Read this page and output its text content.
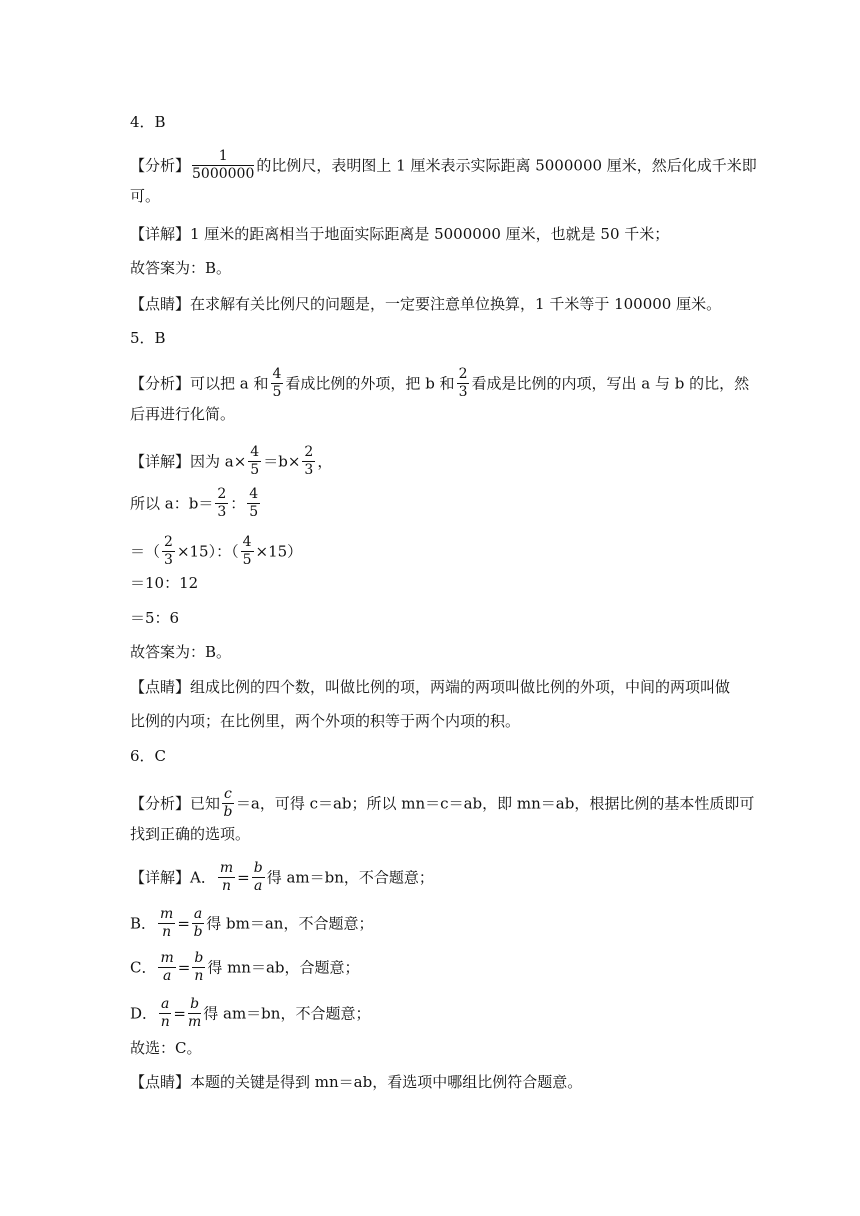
4．B
【分析】 $\frac{1}{5000000}$ 的比例尺，表明图上 1 厘米表示实际距离 5000000 厘米，然后化成千米即
可。
【详解】1 厘米的距离相当于地面实际距离是 5000000 厘米，也就是 50 千米；
故答案为：B。
【点睛】在求解有关比例尺的问题是，一定要注意单位换算，1 千米等于 100000 厘米。
5．B
【分析】可以把 a 和 $\frac{4}{5}$ 看成比例的外项，把 b 和 $\frac{2}{3}$ 看成是比例的内项，写出 a 与 b 的比，然
后再进行化简。
【详解】因为 $a\times \frac{4}{5} =b\times \frac{2}{3}$ ，
所以 a：$b= \frac{2}{3}$ ： $\frac{4}{5}$
＝（ $\frac{2}{3} \times 15$）：（ $\frac{4}{5} \times 15$）
＝10：12
＝5：6
故答案为：B。
【点睛】组成比例的四个数，叫做比例的项，两端的两项叫做比例的外项，中间的两项叫做
比例的内项；在比例里，两个外项的积等于两个内项的积。
6．C
【分析】已知 $\frac{c}{b} =a$，可得 c＝ab；所以 mn＝c＝ab，即 mn＝ab，根据比例的基本性质即可
找到正确的选项。
【详解】A． $\frac{m}{n} = \frac{b}{a}$ 得 am＝bn，不合题意；
B． $\frac{m}{n} = \frac{a}{b}$ 得 bm＝an，不合题意；
C． $\frac{m}{a} = \frac{b}{n}$ 得 mn＝ab，合题意；
D． $\frac{a}{n} = \frac{b}{m}$ 得 am＝bn，不合题意；
故选：C。
【点睛】本题的关键是得到 mn＝ab，看选项中哪组比例符合题意。
